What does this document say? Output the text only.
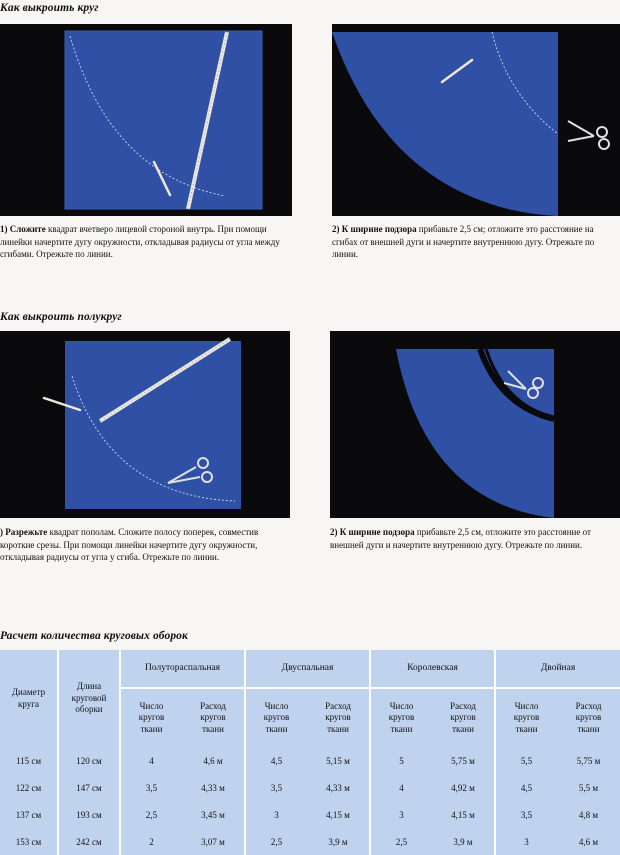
Как выкроить круг

1) Сложите квадрат вчетверо лицевой стороной внутрь. При помощи линейки начертите дугу окружности, откладывая радиусы от угла между сгибами. Отрежьте по линии.

2) К ширине подзора прибавьте 2,5 см; отложите это расстояние на сгибах от внешней дуги и начертите внутреннюю дугу. Отрежьте по линии.

Как выкроить полукруг

) Разрежьте квадрат пополам. Сложите полосу поперек, совместив короткие срезы. При помощи линейки начертите дугу окружности, откладывая радиусы от угла у сгиба. Отрежьте по линии.

2) К ширине подзора прибавьте 2,5 см, отложите это расстояние от внешней дуги и начертите внутреннюю дугу. Отрежьте по линии.

Расчет количества круговых оборок
Диаметр круга	Длина круговой оборки	Полутораспальная		Двуспальная		Королевская		Двойная	
		Число кругов ткани	Расход кругов ткани	Число кругов ткани	Расход кругов ткани	Число кругов ткани	Расход кругов ткани	Число кругов ткани	Расход кругов ткани
115 см	120 см	4	4,6 м	4,5	5,15 м	5	5,75 м	5,5	5,75 м
122 см	147 см	3,5	4,33 м	3,5	4,33 м	4	4,92 м	4,5	5,5 м
137 см	193 см	2,5	3,45 м	3	4,15 м	3	4,15 м	3,5	4,8 м
153 см	242 см	2	3,07 м	2,5	3,9 м	2,5	3,9 м	3	4,6 м
